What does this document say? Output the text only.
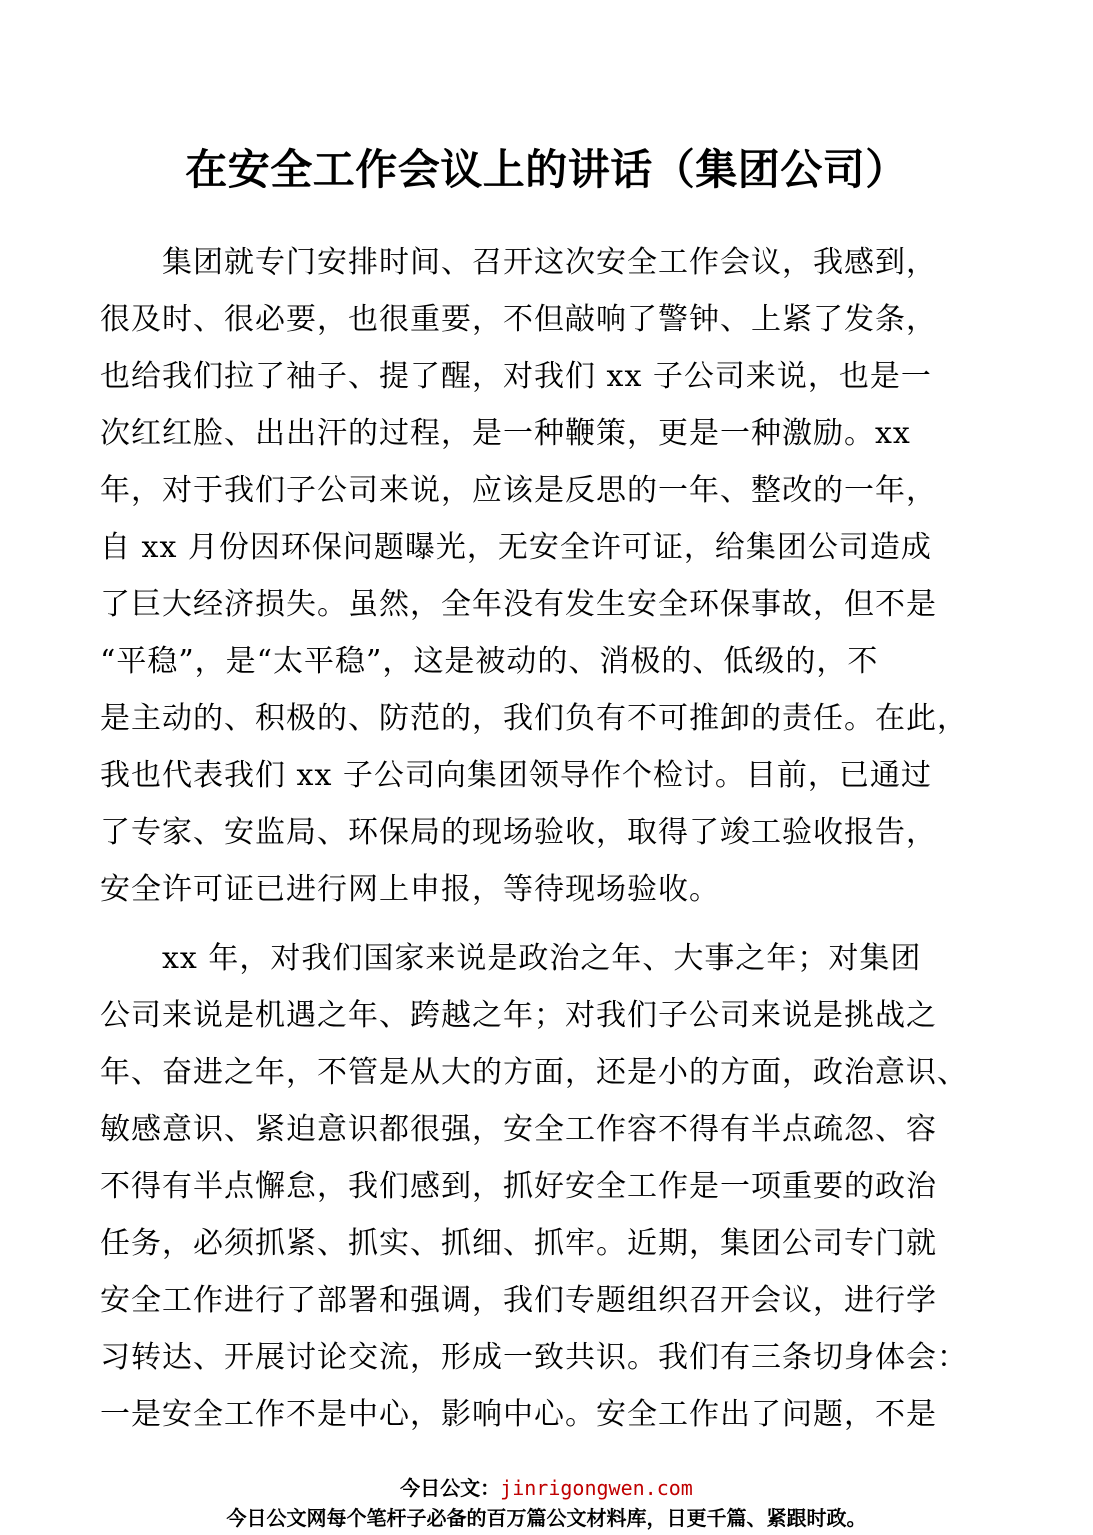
在安全工作会议上的讲话（集团公司）
　　集团就专门安排时间、召开这次安全工作会议，我感到，
很及时、很必要，也很重要，不但敲响了警钟、上紧了发条，
也给我们拉了袖子、提了醒，对我们 xx 子公司来说，也是一
次红红脸、出出汗的过程，是一种鞭策，更是一种激励。xx
年，对于我们子公司来说，应该是反思的一年、整改的一年，
自 xx 月份因环保问题曝光，无安全许可证，给集团公司造成
了巨大经济损失。虽然，全年没有发生安全环保事故，但不是
“平稳”，是“太平稳”，这是被动的、消极的、低级的，不
是主动的、积极的、防范的，我们负有不可推卸的责任。在此，
我也代表我们 xx 子公司向集团领导作个检讨。目前，已通过
了专家、安监局、环保局的现场验收，取得了竣工验收报告，
安全许可证已进行网上申报，等待现场验收。
　　xx 年，对我们国家来说是政治之年、大事之年；对集团
公司来说是机遇之年、跨越之年；对我们子公司来说是挑战之
年、奋进之年，不管是从大的方面，还是小的方面，政治意识、
敏感意识、紧迫意识都很强，安全工作容不得有半点疏忽、容
不得有半点懈怠，我们感到，抓好安全工作是一项重要的政治
任务，必须抓紧、抓实、抓细、抓牢。近期，集团公司专门就
安全工作进行了部署和强调，我们专题组织召开会议，进行学
习转达、开展讨论交流，形成一致共识。我们有三条切身体会：
一是安全工作不是中心，影响中心。安全工作出了问题，不是
今日公文：jinrigongwen.com
今日公文网每个笔杆子必备的百万篇公文材料库，日更千篇、紧跟时政。
